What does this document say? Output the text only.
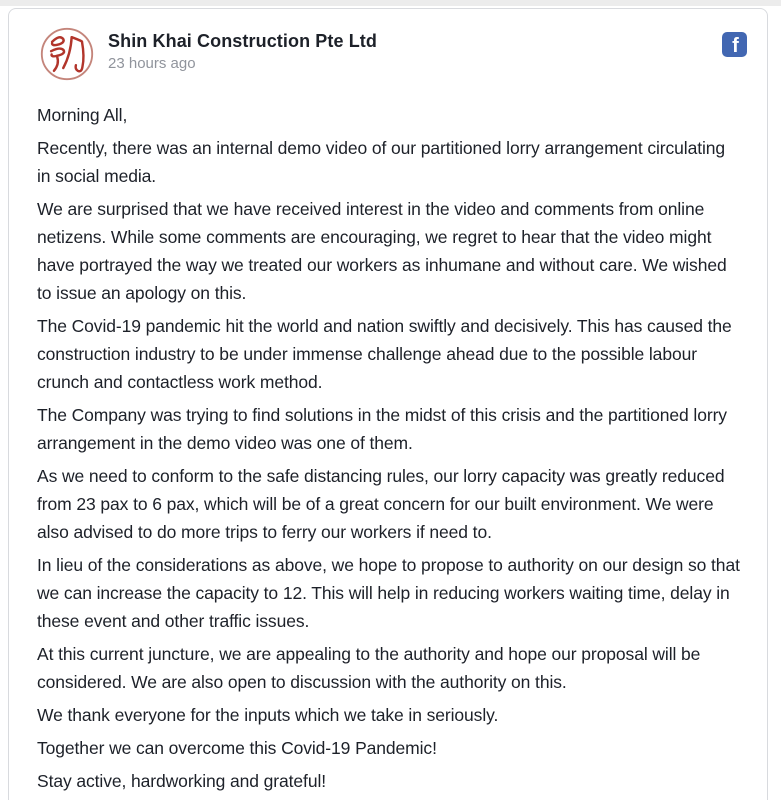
Shin Khai Construction Pte Ltd
23 hours ago
f

Morning All,

Recently, there was an internal demo video of our partitioned lorry arrangement circulating in social media.

We are surprised that we have received interest in the video and comments from online netizens. While some comments are encouraging, we regret to hear that the video might have portrayed the way we treated our workers as inhumane and without care. We wished to issue an apology on this.

The Covid-19 pandemic hit the world and nation swiftly and decisively. This has caused the construction industry to be under immense challenge ahead due to the possible labour crunch and contactless work method.

The Company was trying to find solutions in the midst of this crisis and the partitioned lorry arrangement in the demo video was one of them.

As we need to conform to the safe distancing rules, our lorry capacity was greatly reduced from 23 pax to 6 pax, which will be of a great concern for our built environment. We were also advised to do more trips to ferry our workers if need to.

In lieu of the considerations as above, we hope to propose to authority on our design so that we can increase the capacity to 12. This will help in reducing workers waiting time, delay in these event and other traffic issues.

At this current juncture, we are appealing to the authority and hope our proposal will be considered. We are also open to discussion with the authority on this.

We thank everyone for the inputs which we take in seriously.

Together we can overcome this Covid-19 Pandemic!

Stay active, hardworking and grateful!
